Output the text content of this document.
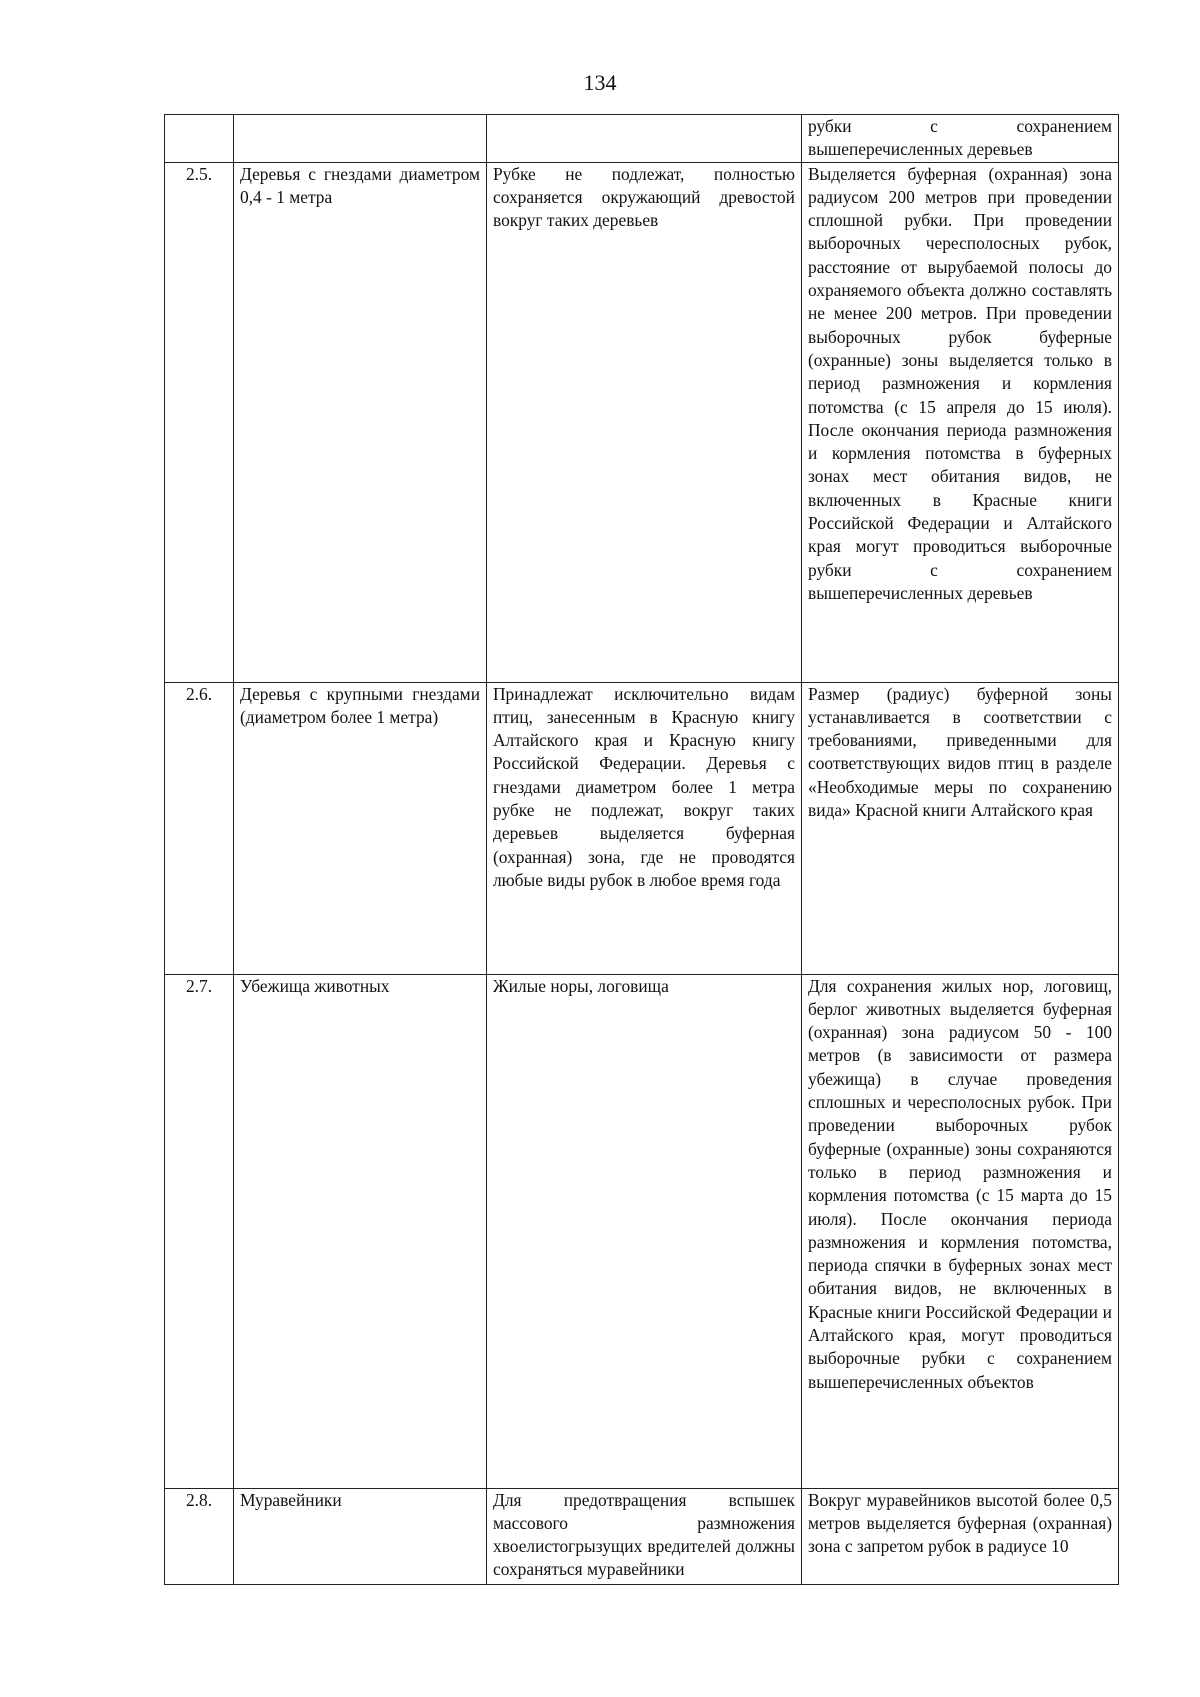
134
			рубки с сохранением вышеперечисленных деревьев
2.5.	Деревья с гнездами диаметром 0,4 - 1 метра	Рубке не подлежат, полностью сохраняется окружающий древостой вокруг таких деревьев	Выделяется буферная (охранная) зона радиусом 200 метров при проведении сплошной рубки. При проведении выборочных чересполосных рубок, расстояние от вырубаемой полосы до охраняемого объекта должно составлять не менее 200 метров. При проведении выборочных рубок буферные (охранные) зоны выделяется только в период размножения и кормления потомства (с 15 апреля до 15 июля). После окончания периода размножения и кормления потомства в буферных зонах мест обитания видов, не включенных в Красные книги Российской Федерации и Алтайского края могут проводиться выборочные рубки с сохранением вышеперечисленных деревьев
2.6.	Деревья с крупными гнездами (диаметром более 1 метра)	Принадлежат исключительно видам птиц, занесенным в Красную книгу Алтайского края и Красную книгу Российской Федерации. Деревья с гнездами диаметром более 1 метра рубке не подлежат, вокруг таких деревьев выделяется буферная (охранная) зона, где не проводятся любые виды рубок в любое время года	Размер (радиус) буферной зоны устанавливается в соответствии с требованиями, приведенными для соответствующих видов птиц в разделе «Необходимые меры по сохранению вида» Красной книги Алтайского края
2.7.	Убежища животных	Жилые норы, логовища	Для сохранения жилых нор, логовищ, берлог животных выделяется буферная (охранная) зона радиусом 50 - 100 метров (в зависимости от размера убежища) в случае проведения сплошных и чересполосных рубок. При проведении выборочных рубок буферные (охранные) зоны сохраняются только в период размножения и кормления потомства (с 15 марта до 15 июля). После окончания периода размножения и кормления потомства, периода спячки в буферных зонах мест обитания видов, не включенных в Красные книги Российской Федерации и Алтайского края, могут проводиться выборочные рубки с сохранением вышеперечисленных объектов
2.8.	Муравейники	Для предотвращения вспышек массового размножения хвоелистогрызущих вредителей должны сохраняться муравейники	Вокруг муравейников высотой более 0,5 метров выделяется буферная (охранная) зона с запретом рубок в радиусе 10
